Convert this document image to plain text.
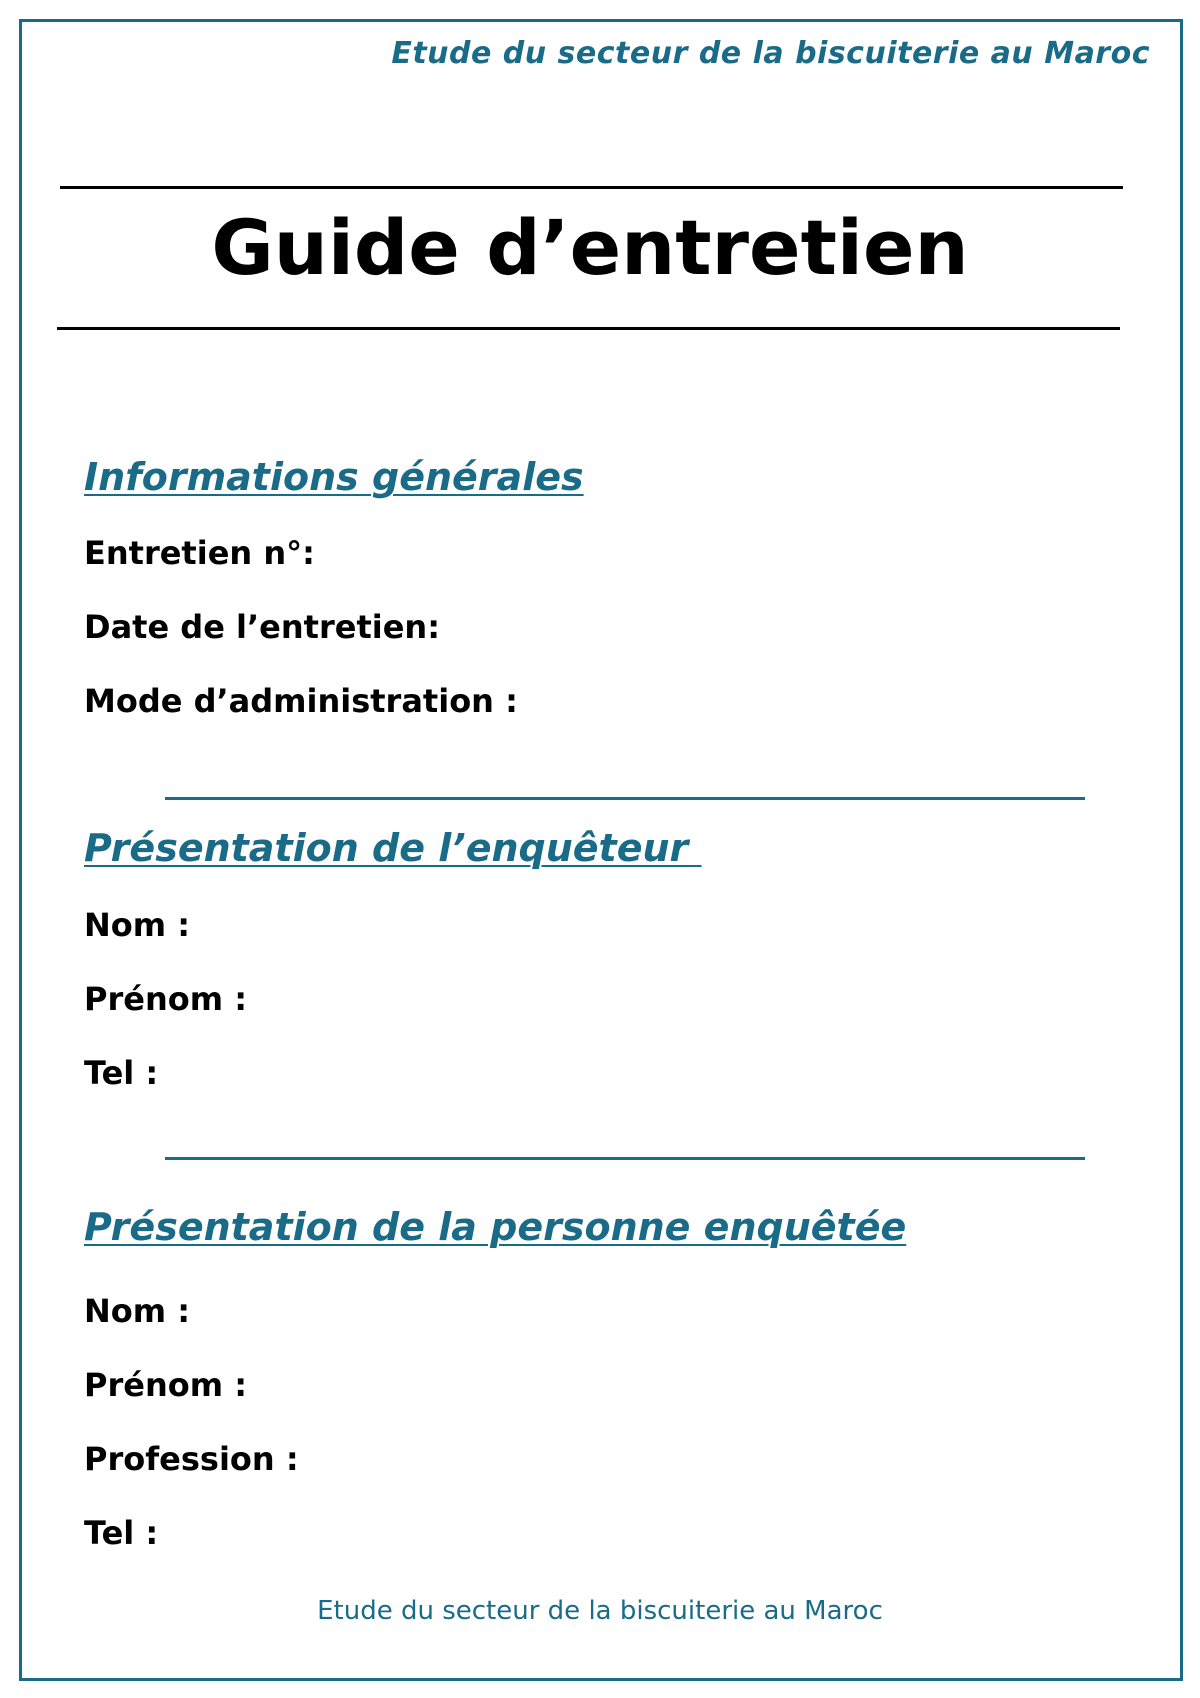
Etude du secteur de la biscuiterie au Maroc
Guide d’entretien
Informations générales
Entretien n°:
Date de l’entretien:
Mode d’administration :
Présentation de l’enquêteur
Nom :
Prénom :
Tel :
Présentation de la personne enquêtée
Nom :
Prénom :
Profession :
Tel :
Etude du secteur de la biscuiterie au Maroc
